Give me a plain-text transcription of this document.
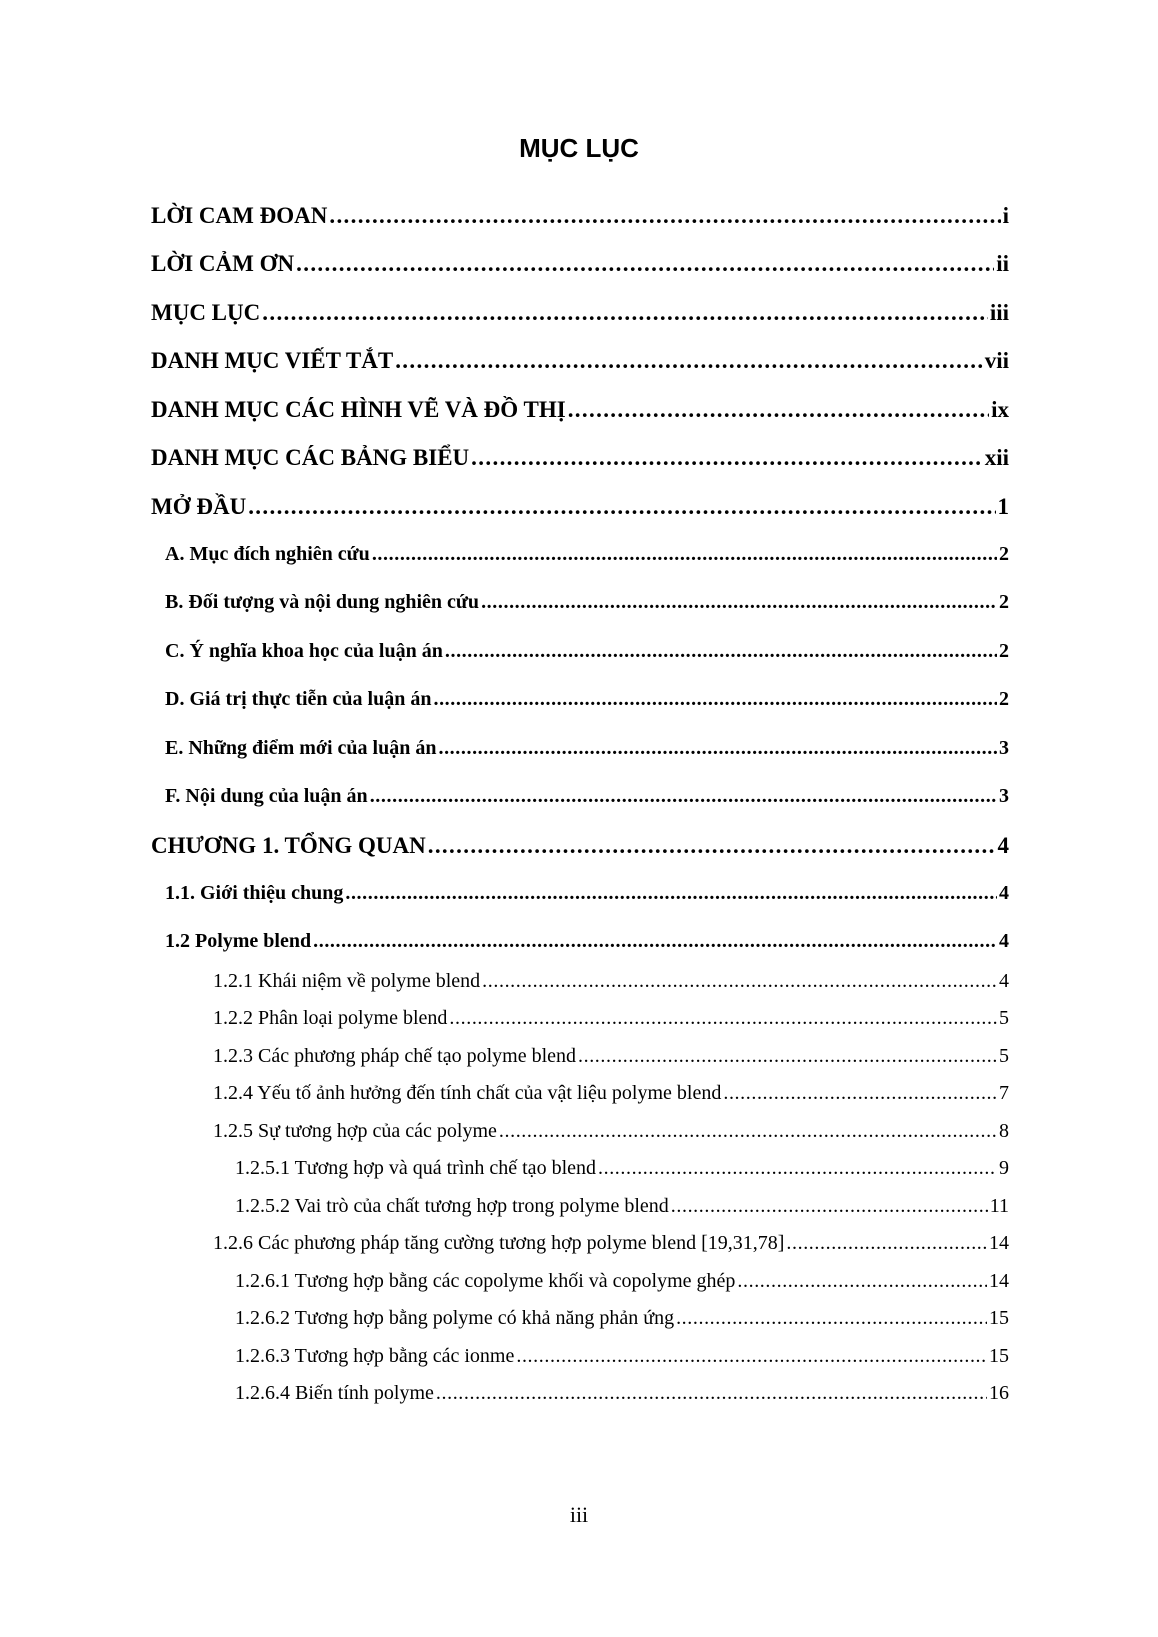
MỤC LỤC
LỜI CAM ĐOAN . . .	i
LỜI CẢM ƠN . . .	ii
MỤC LỤC . . .	iii
DANH MỤC VIẾT TẮT . . .	vii
DANH MỤC CÁC HÌNH VẼ VÀ ĐỒ THỊ . . .	ix
DANH MỤC CÁC BẢNG BIỂU . . .	xii
MỞ ĐẦU . . .	1
A. Mục đích nghiên cứu . . .	2
B. Đối tượng và nội dung nghiên cứu . . .	2
C. Ý nghĩa khoa học của luận án . . .	2
D. Giá trị thực tiễn của luận án . . .	2
E. Những điểm mới của luận án . . .	3
F. Nội dung của luận án . . .	3
CHƯƠNG 1. TỔNG QUAN . . .	4
1.1. Giới thiệu chung . . .	4
1.2 Polyme blend . . .	4
1.2.1 Khái niệm về polyme blend . . .	4
1.2.2 Phân loại polyme blend . . .	5
1.2.3 Các phương pháp chế tạo polyme blend . . .	5
1.2.4 Yếu tố ảnh hưởng đến tính chất của vật liệu polyme blend . . .	7
1.2.5 Sự tương hợp của các polyme . . .	8
1.2.5.1 Tương hợp và quá trình chế tạo blend . . .	9
1.2.5.2 Vai trò của chất tương hợp trong polyme blend . . .	11
1.2.6 Các phương pháp tăng cường tương hợp polyme blend [19,31,78] . . .	14
1.2.6.1 Tương hợp bằng các copolyme khối và copolyme ghép . . .	14
1.2.6.2 Tương hợp bằng polyme có khả năng phản ứng . . .	15
1.2.6.3 Tương hợp bằng các ionme . . .	15
1.2.6.4 Biến tính polyme . . .	16
iii
